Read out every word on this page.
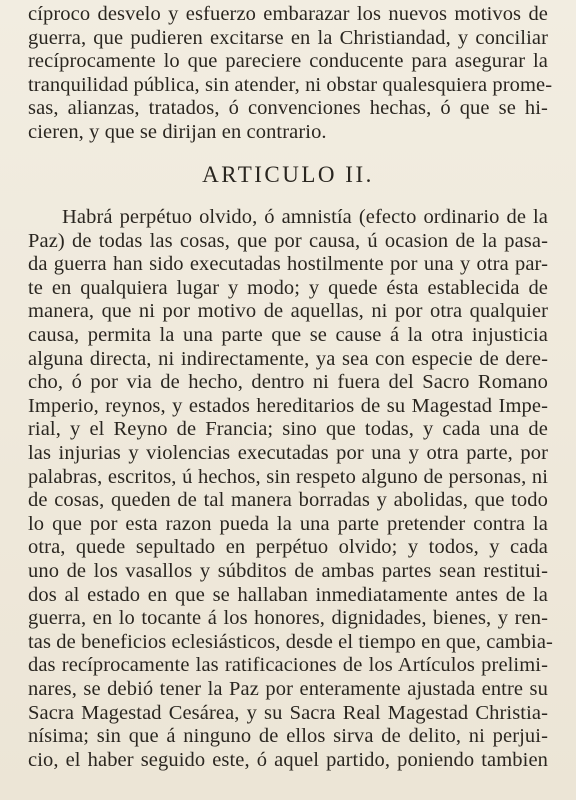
cíproco desvelo y esfuerzo embarazar los nuevos motivos de
guerra, que pudieren excitarse en la Christiandad, y conciliar
recíprocamente lo que pareciere conducente para asegurar la
tranquilidad pública, sin atender, ni obstar qualesquiera prome-
sas, alianzas, tratados, ó convenciones hechas, ó que se hi-
cieren, y que se dirijan en contrario.
ARTICULO II.
Habrá perpétuo olvido, ó amnistía (efecto ordinario de la
Paz) de todas las cosas, que por causa, ú ocasion de la pasa-
da guerra han sido executadas hostilmente por una y otra par-
te en qualquiera lugar y modo; y quede ésta establecida de
manera, que ni por motivo de aquellas, ni por otra qualquier
causa, permita la una parte que se cause á la otra injusticia
alguna directa, ni indirectamente, ya sea con especie de dere-
cho, ó por via de hecho, dentro ni fuera del Sacro Romano
Imperio, reynos, y estados hereditarios de su Magestad Impe-
rial, y el Reyno de Francia; sino que todas, y cada una de
las injurias y violencias executadas por una y otra parte, por
palabras, escritos, ú hechos, sin respeto alguno de personas, ni
de cosas, queden de tal manera borradas y abolidas, que todo
lo que por esta razon pueda la una parte pretender contra la
otra, quede sepultado en perpétuo olvido; y todos, y cada
uno de los vasallos y súbditos de ambas partes sean restitui-
dos al estado en que se hallaban inmediatamente antes de la
guerra, en lo tocante á los honores, dignidades, bienes, y ren-
tas de beneficios eclesiásticos, desde el tiempo en que, cambia-
das recíprocamente las ratificaciones de los Artículos prelimi-
nares, se debió tener la Paz por enteramente ajustada entre su
Sacra Magestad Cesárea, y su Sacra Real Magestad Christia-
nísima; sin que á ninguno de ellos sirva de delito, ni perjui-
cio, el haber seguido este, ó aquel partido, poniendo tambien
